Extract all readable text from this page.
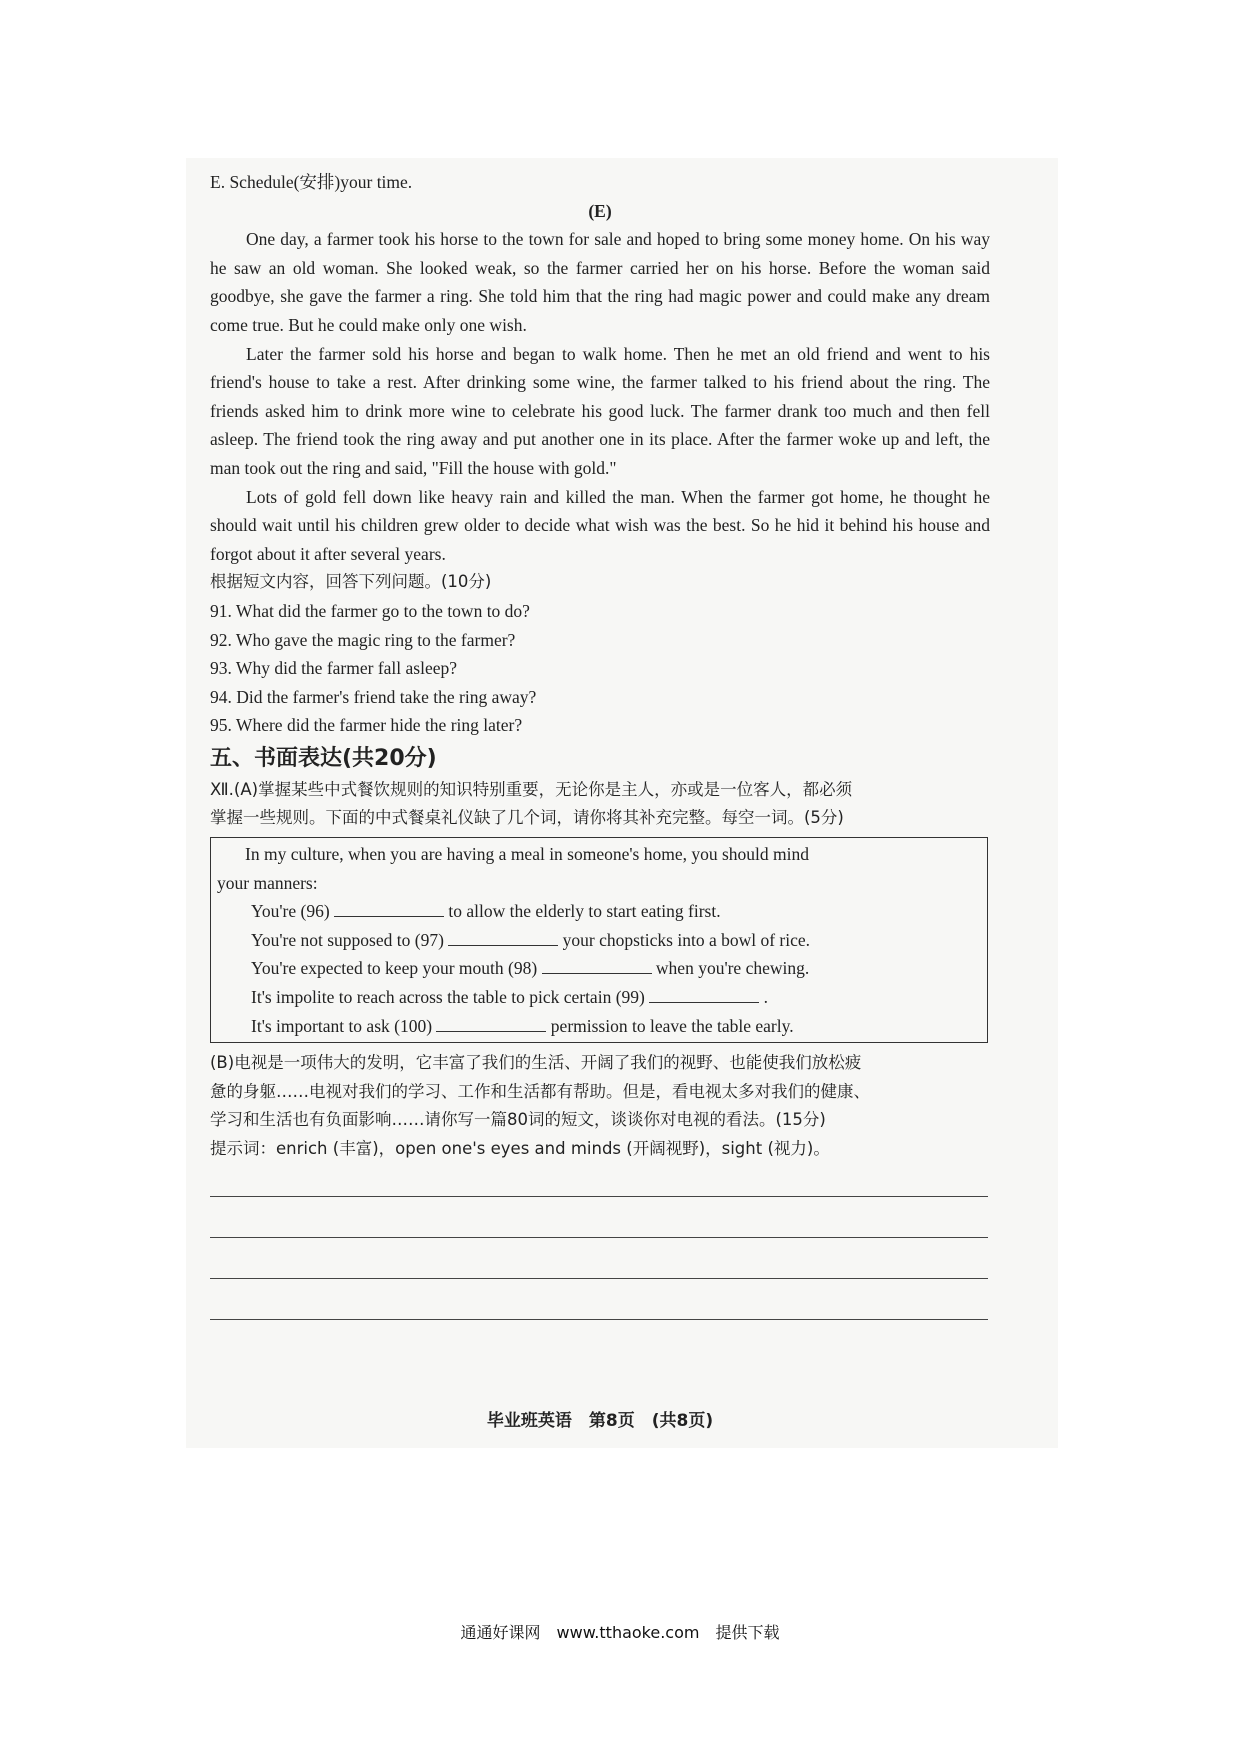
E. Schedule(安排)your time.
(E)
One day, a farmer took his horse to the town for sale and hoped to bring some money home. On his way he saw an old woman. She looked weak, so the farmer carried her on his horse. Before the woman said goodbye, she gave the farmer a ring. She told him that the ring had magic power and could make any dream come true. But he could make only one wish.
Later the farmer sold his horse and began to walk home. Then he met an old friend and went to his friend's house to take a rest. After drinking some wine, the farmer talked to his friend about the ring. The friends asked him to drink more wine to celebrate his good luck. The farmer drank too much and then fell asleep. The friend took the ring away and put another one in its place. After the farmer woke up and left, the man took out the ring and said, "Fill the house with gold."
Lots of gold fell down like heavy rain and killed the man. When the farmer got home, he thought he should wait until his children grew older to decide what wish was the best. So he hid it behind his house and forgot about it after several years.
根据短文内容，回答下列问题。(10分)
91. What did the farmer go to the town to do?
92. Who gave the magic ring to the farmer?
93. Why did the farmer fall asleep?
94. Did the farmer's friend take the ring away?
95. Where did the farmer hide the ring later?
五、书面表达(共20分)
Ⅻ.(A)掌握某些中式餐饮规则的知识特别重要，无论你是主人，亦或是一位客人，都必须
掌握一些规则。下面的中式餐桌礼仪缺了几个词，请你将其补充完整。每空一词。(5分)
In my culture, when you are having a meal in someone's home, you should mind
your manners:
You're (96)	to allow the elderly to start eating first.
You're not supposed to (97)	your chopsticks into a bowl of rice.
You're expected to keep your mouth (98)	when you're chewing.
It's impolite to reach across the table to pick certain (99)	.
It's important to ask (100)	permission to leave the table early.
(B)电视是一项伟大的发明，它丰富了我们的生活、开阔了我们的视野、也能使我们放松疲
惫的身躯……电视对我们的学习、工作和生活都有帮助。但是，看电视太多对我们的健康、
学习和生活也有负面影响……请你写一篇80词的短文，谈谈你对电视的看法。(15分)
提示词：enrich (丰富)，open one's eyes and minds (开阔视野)，sight (视力)。
毕业班英语　第8页　(共8页)
通通好课网　www.tthaoke.com　提供下载
